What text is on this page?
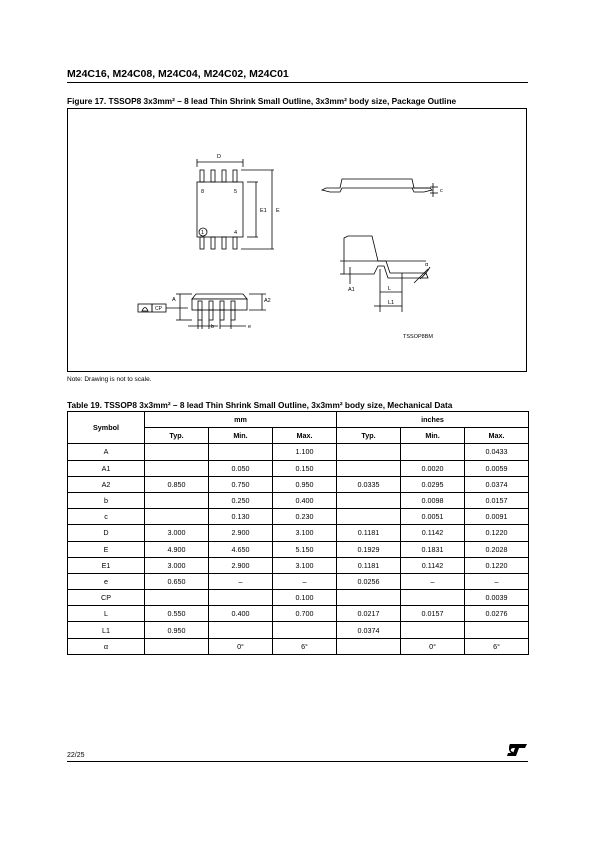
M24C16, M24C08, M24C04, M24C02, M24C01
Figure 17. TSSOP8 3x3mm² – 8 lead Thin Shrink Small Outline, 3x3mm² body size, Package Outline
D
8	5
1	4
E1 E
c
A1	L
L1
α
A	A2
CP
b	e
TSSOP8BM
Note: Drawing is not to scale.
Table 19. TSSOP8 3x3mm² – 8 lead Thin Shrink Small Outline, 3x3mm² body size, Mechanical Data
Symbol	mm			inches		
	Typ.	Min.	Max.	Typ.	Min.	Max.
A			1.100			0.0433
A1		0.050	0.150		0.0020	0.0059
A2	0.850	0.750	0.950	0.0335	0.0295	0.0374
b		0.250	0.400		0.0098	0.0157
c		0.130	0.230		0.0051	0.0091
D	3.000	2.900	3.100	0.1181	0.1142	0.1220
E	4.900	4.650	5.150	0.1929	0.1831	0.2028
E1	3.000	2.900	3.100	0.1181	0.1142	0.1220
e	0.650	–	–	0.0256	–	–
CP			0.100			0.0039
L	0.550	0.400	0.700	0.0217	0.0157	0.0276
L1	0.950			0.0374		
α		0°	6°		0°	6°
22/25
